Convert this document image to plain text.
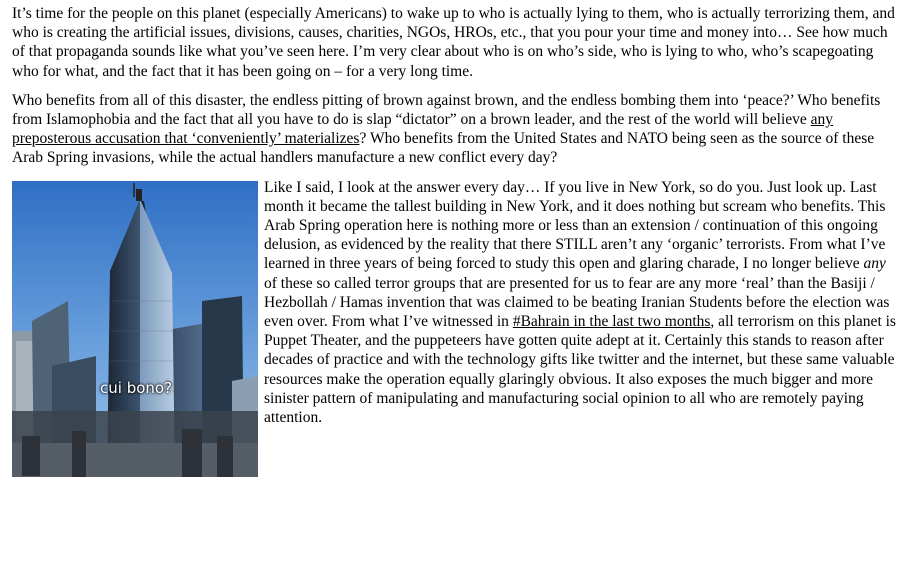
It’s time for the people on this planet (especially Americans) to wake up to who is actually lying to them, who is actually terrorizing them, and who is creating the artificial issues, divisions, causes, charities, NGOs, HROs, etc., that you pour your time and money into… See how much of that propaganda sounds like what you’ve seen here. I’m very clear about who is on who’s side, who is lying to who, who’s scapegoating who for what, and the fact that it has been going on – for a very long time.

Who benefits from all of this disaster, the endless pitting of brown against brown, and the endless bombing them into ‘peace?’ Who benefits from Islamophobia and the fact that all you have to do is slap “dictator” on a brown leader, and the rest of the world will believe any preposterous accusation that ‘conveniently’ materializes? Who benefits from the United States and NATO being seen as the source of these Arab Spring invasions, while the actual handlers manufacture a new conflict every day?

cui bono?
Like I said, I look at the answer every day… If you live in New York, so do you. Just look up. Last month it became the tallest building in New York, and it does nothing but scream who benefits. This Arab Spring operation here is nothing more or less than an extension / continuation of this ongoing delusion, as evidenced by the reality that there STILL aren’t any ‘organic’ terrorists. From what I’ve learned in three years of being forced to study this open and glaring charade, I no longer believe any of these so called terror groups that are presented for us to fear are any more ‘real’ than the Basiji / Hezbollah / Hamas invention that was claimed to be beating Iranian Students before the election was even over. From what I’ve witnessed in #Bahrain in the last two months, all terrorism on this planet is Puppet Theater, and the puppeteers have gotten quite adept at it. Certainly this stands to reason after decades of practice and with the technology gifts like twitter and the internet, but these same valuable resources make the operation equally glaringly obvious. It also exposes the much bigger and more sinister pattern of manipulating and manufacturing social opinion to all who are remotely paying attention.
